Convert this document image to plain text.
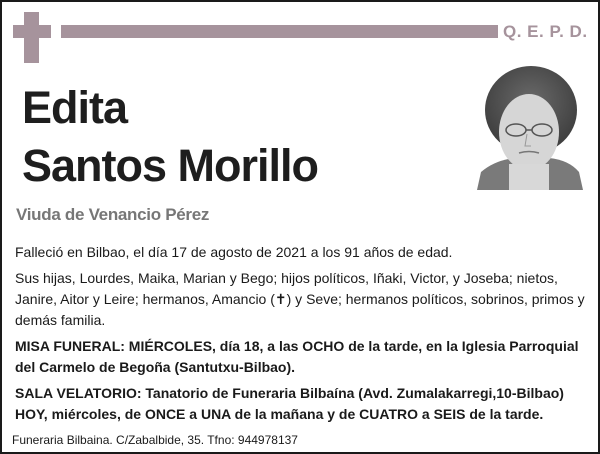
Q. E. P. D.
Edita
Santos Morillo
Viuda de Venancio Pérez
Falleció en Bilbao, el día 17 de agosto de 2021 a los 91 años de edad.
Sus hijas, Lourdes, Maika, Marian y Bego; hijos políticos, Iñaki, Victor, y Joseba; nietos, Janire, Aitor y Leire; hermanos, Amancio (✝) y Seve; hermanos políticos, sobrinos, primos y demás familia.
MISA FUNERAL: MIÉRCOLES, día 18, a las OCHO de la tarde, en la Iglesia Parroquial del Carmelo de Begoña (Santutxu-Bilbao).
SALA VELATORIO: Tanatorio de Funeraria Bilbaína (Avd. Zumalakarregi,10-Bilbao) HOY, miércoles, de ONCE a UNA de la mañana y de CUATRO a SEIS de la tarde.
Funeraria Bilbaina. C/Zabalbide, 35. Tfno: 944978137
